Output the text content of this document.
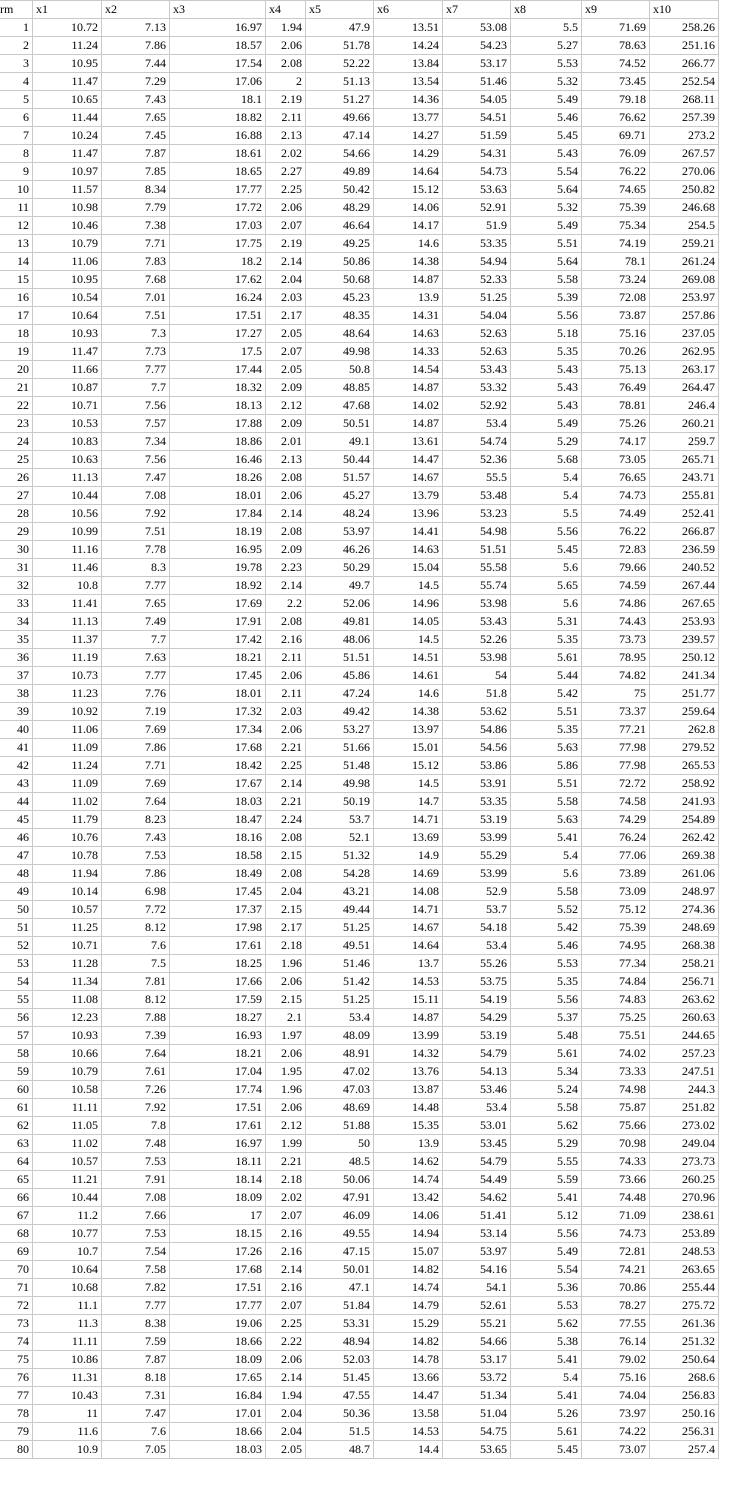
rm	x1	x2	x3	x4	x5	x6	x7	x8	x9	x10
1	10.72	7.13	16.97	1.94	47.9	13.51	53.08	5.5	71.69	258.26
2	11.24	7.86	18.57	2.06	51.78	14.24	54.23	5.27	78.63	251.16
3	10.95	7.44	17.54	2.08	52.22	13.84	53.17	5.53	74.52	266.77
4	11.47	7.29	17.06	2	51.13	13.54	51.46	5.32	73.45	252.54
5	10.65	7.43	18.1	2.19	51.27	14.36	54.05	5.49	79.18	268.11
6	11.44	7.65	18.82	2.11	49.66	13.77	54.51	5.46	76.62	257.39
7	10.24	7.45	16.88	2.13	47.14	14.27	51.59	5.45	69.71	273.2
8	11.47	7.87	18.61	2.02	54.66	14.29	54.31	5.43	76.09	267.57
9	10.97	7.85	18.65	2.27	49.89	14.64	54.73	5.54	76.22	270.06
10	11.57	8.34	17.77	2.25	50.42	15.12	53.63	5.64	74.65	250.82
11	10.98	7.79	17.72	2.06	48.29	14.06	52.91	5.32	75.39	246.68
12	10.46	7.38	17.03	2.07	46.64	14.17	51.9	5.49	75.34	254.5
13	10.79	7.71	17.75	2.19	49.25	14.6	53.35	5.51	74.19	259.21
14	11.06	7.83	18.2	2.14	50.86	14.38	54.94	5.64	78.1	261.24
15	10.95	7.68	17.62	2.04	50.68	14.87	52.33	5.58	73.24	269.08
16	10.54	7.01	16.24	2.03	45.23	13.9	51.25	5.39	72.08	253.97
17	10.64	7.51	17.51	2.17	48.35	14.31	54.04	5.56	73.87	257.86
18	10.93	7.3	17.27	2.05	48.64	14.63	52.63	5.18	75.16	237.05
19	11.47	7.73	17.5	2.07	49.98	14.33	52.63	5.35	70.26	262.95
20	11.66	7.77	17.44	2.05	50.8	14.54	53.43	5.43	75.13	263.17
21	10.87	7.7	18.32	2.09	48.85	14.87	53.32	5.43	76.49	264.47
22	10.71	7.56	18.13	2.12	47.68	14.02	52.92	5.43	78.81	246.4
23	10.53	7.57	17.88	2.09	50.51	14.87	53.4	5.49	75.26	260.21
24	10.83	7.34	18.86	2.01	49.1	13.61	54.74	5.29	74.17	259.7
25	10.63	7.56	16.46	2.13	50.44	14.47	52.36	5.68	73.05	265.71
26	11.13	7.47	18.26	2.08	51.57	14.67	55.5	5.4	76.65	243.71
27	10.44	7.08	18.01	2.06	45.27	13.79	53.48	5.4	74.73	255.81
28	10.56	7.92	17.84	2.14	48.24	13.96	53.23	5.5	74.49	252.41
29	10.99	7.51	18.19	2.08	53.97	14.41	54.98	5.56	76.22	266.87
30	11.16	7.78	16.95	2.09	46.26	14.63	51.51	5.45	72.83	236.59
31	11.46	8.3	19.78	2.23	50.29	15.04	55.58	5.6	79.66	240.52
32	10.8	7.77	18.92	2.14	49.7	14.5	55.74	5.65	74.59	267.44
33	11.41	7.65	17.69	2.2	52.06	14.96	53.98	5.6	74.86	267.65
34	11.13	7.49	17.91	2.08	49.81	14.05	53.43	5.31	74.43	253.93
35	11.37	7.7	17.42	2.16	48.06	14.5	52.26	5.35	73.73	239.57
36	11.19	7.63	18.21	2.11	51.51	14.51	53.98	5.61	78.95	250.12
37	10.73	7.77	17.45	2.06	45.86	14.61	54	5.44	74.82	241.34
38	11.23	7.76	18.01	2.11	47.24	14.6	51.8	5.42	75	251.77
39	10.92	7.19	17.32	2.03	49.42	14.38	53.62	5.51	73.37	259.64
40	11.06	7.69	17.34	2.06	53.27	13.97	54.86	5.35	77.21	262.8
41	11.09	7.86	17.68	2.21	51.66	15.01	54.56	5.63	77.98	279.52
42	11.24	7.71	18.42	2.25	51.48	15.12	53.86	5.86	77.98	265.53
43	11.09	7.69	17.67	2.14	49.98	14.5	53.91	5.51	72.72	258.92
44	11.02	7.64	18.03	2.21	50.19	14.7	53.35	5.58	74.58	241.93
45	11.79	8.23	18.47	2.24	53.7	14.71	53.19	5.63	74.29	254.89
46	10.76	7.43	18.16	2.08	52.1	13.69	53.99	5.41	76.24	262.42
47	10.78	7.53	18.58	2.15	51.32	14.9	55.29	5.4	77.06	269.38
48	11.94	7.86	18.49	2.08	54.28	14.69	53.99	5.6	73.89	261.06
49	10.14	6.98	17.45	2.04	43.21	14.08	52.9	5.58	73.09	248.97
50	10.57	7.72	17.37	2.15	49.44	14.71	53.7	5.52	75.12	274.36
51	11.25	8.12	17.98	2.17	51.25	14.67	54.18	5.42	75.39	248.69
52	10.71	7.6	17.61	2.18	49.51	14.64	53.4	5.46	74.95	268.38
53	11.28	7.5	18.25	1.96	51.46	13.7	55.26	5.53	77.34	258.21
54	11.34	7.81	17.66	2.06	51.42	14.53	53.75	5.35	74.84	256.71
55	11.08	8.12	17.59	2.15	51.25	15.11	54.19	5.56	74.83	263.62
56	12.23	7.88	18.27	2.1	53.4	14.87	54.29	5.37	75.25	260.63
57	10.93	7.39	16.93	1.97	48.09	13.99	53.19	5.48	75.51	244.65
58	10.66	7.64	18.21	2.06	48.91	14.32	54.79	5.61	74.02	257.23
59	10.79	7.61	17.04	1.95	47.02	13.76	54.13	5.34	73.33	247.51
60	10.58	7.26	17.74	1.96	47.03	13.87	53.46	5.24	74.98	244.3
61	11.11	7.92	17.51	2.06	48.69	14.48	53.4	5.58	75.87	251.82
62	11.05	7.8	17.61	2.12	51.88	15.35	53.01	5.62	75.66	273.02
63	11.02	7.48	16.97	1.99	50	13.9	53.45	5.29	70.98	249.04
64	10.57	7.53	18.11	2.21	48.5	14.62	54.79	5.55	74.33	273.73
65	11.21	7.91	18.14	2.18	50.06	14.74	54.49	5.59	73.66	260.25
66	10.44	7.08	18.09	2.02	47.91	13.42	54.62	5.41	74.48	270.96
67	11.2	7.66	17	2.07	46.09	14.06	51.41	5.12	71.09	238.61
68	10.77	7.53	18.15	2.16	49.55	14.94	53.14	5.56	74.73	253.89
69	10.7	7.54	17.26	2.16	47.15	15.07	53.97	5.49	72.81	248.53
70	10.64	7.58	17.68	2.14	50.01	14.82	54.16	5.54	74.21	263.65
71	10.68	7.82	17.51	2.16	47.1	14.74	54.1	5.36	70.86	255.44
72	11.1	7.77	17.77	2.07	51.84	14.79	52.61	5.53	78.27	275.72
73	11.3	8.38	19.06	2.25	53.31	15.29	55.21	5.62	77.55	261.36
74	11.11	7.59	18.66	2.22	48.94	14.82	54.66	5.38	76.14	251.32
75	10.86	7.87	18.09	2.06	52.03	14.78	53.17	5.41	79.02	250.64
76	11.31	8.18	17.65	2.14	51.45	13.66	53.72	5.4	75.16	268.6
77	10.43	7.31	16.84	1.94	47.55	14.47	51.34	5.41	74.04	256.83
78	11	7.47	17.01	2.04	50.36	13.58	51.04	5.26	73.97	250.16
79	11.6	7.6	18.66	2.04	51.5	14.53	54.75	5.61	74.22	256.31
80	10.9	7.05	18.03	2.05	48.7	14.4	53.65	5.45	73.07	257.4
